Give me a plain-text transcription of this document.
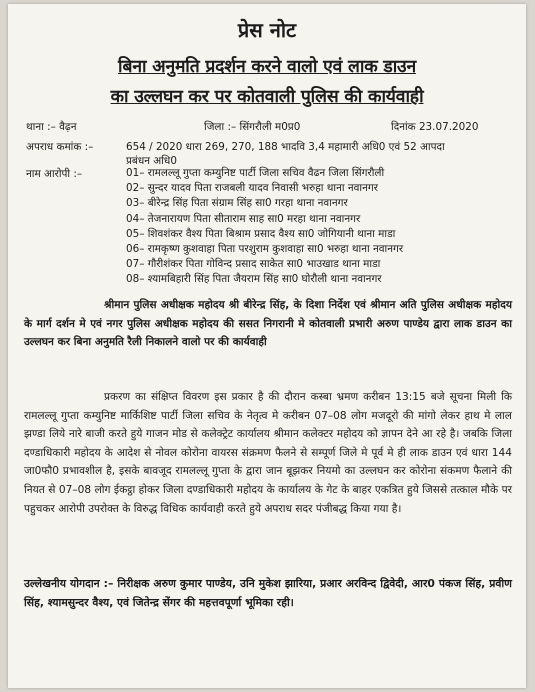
प्रेस नोट
बिना अनुमति प्रदर्शन करने वालो एवं लाक डाउन
का उल्लघन कर पर कोतवाली पुलिस की कार्यवाही
थाना :– वैढ़न	जिला :– सिंगरौली म0प्र0	दिनांक 23.07.2020
अपराध कमांक :–	654 / 2020 धारा 269, 270, 188 भादवि 3,4 महामारी अधि0 एवं 52 आपदा
प्रबंधन अधि0
नाम आरोपी :–	01– रामलल्लू गुप्ता कम्युनिष्ट पार्टी जिला सचिव वैढन जिला सिंगरौली
02– सुन्दर यादव पिता राजबली यादव निवासी भरुहा थाना नवानगर
03– बीरेन्द्र सिंह पिता संग्राम सिंह सा0 गरहा थाना नवानगर
04– तेजनारायण पिता सीताराम साह सा0 मरहा थाना नवानगर
05– शिवशंकर वैश्य पिता बिश्राम प्रसाद वैश्य सा0 जोगियानी थाना माडा
06– रामकृष्ण कुशवाहा पिता परशुराम कुशवाहा सा0 भरुहा थाना नवानगर
07– गौरीशंकर पिता गोविन्द प्रसाद साकेत सा0 भाउखाड थाना माडा
08– श्यामबिहारी सिंह पिता जैयराम सिंह सा0 घोरौली थाना नवानगर
श्रीमान पुलिस अधीक्षक महोदय श्री बीरेन्द्र सिंह, के दिशा निर्देश एवं श्रीमान अति पुलिस अधीक्षक महोदय के मार्ग दर्शन मे एवं नगर पुलिस अधीक्षक महोदय की ससत निगरानी मे कोतवाली प्रभारी अरुण पाण्डेय द्वारा लाक डाउन का उल्लघन कर बिना अनुमति रैली निकालने वालो पर की कार्यवाही
प्रकरण का संक्षिप्त विवरण इस प्रकार है की दौरान कस्बा भ्रमण करीबन 13:15 बजे सूचना मिली कि रामलल्लू गुप्ता कम्युनिष्ट मार्किशिष्ट पार्टी जिला सचिव के नेतृत्व मे करीबन 07–08 लोग मजदूरो की मांगो लेकर हाथ मे लाल झण्डा लिये नारे बाजी करते हुये गाजन मोड से कलेक्ट्रेट कार्यालय श्रीमान कलेक्टर महोदय को ज्ञापन देने आ रहे है। जबकि जिला दण्डाधिकारी महोदय के आदेश से नोवल कोरोना वायरस संक्रमण फैलने से सम्पूर्ण जिले मे पूर्व मे ही लाक डाउन एवं धारा 144 जा0फौ0 प्रभावशील है, इसके बावजूद रामलल्लू गुप्ता के द्वारा जान बूझकर नियमो का उल्लघन कर कोरोना संकमण फैलाने की नियत से 07–08 लोग ईकट्ठा होकर जिला दण्डाधिकारी महोदय के कार्यालय के गेट के बाहर एकत्रित हुये जिससे तत्काल मौके पर पहुचकर आरोपी उपरोक्त के विरुद्ध विधिक कार्यवाही करते हुये अपराध सदर पंजीबद्ध किया गया है।
उल्लेखनीय योगदान :– निरीक्षक अरुण कुमार पाण्डेय, उनि मुकेश झारिया, प्रआर अरविन्द द्विवेदी, आर0 पंकज सिंह, प्रवीण सिंह, श्यामसुन्दर वैश्य, एवं जितेन्द्र सेंगर की महत्तवपूर्णा भूमिका रही।
